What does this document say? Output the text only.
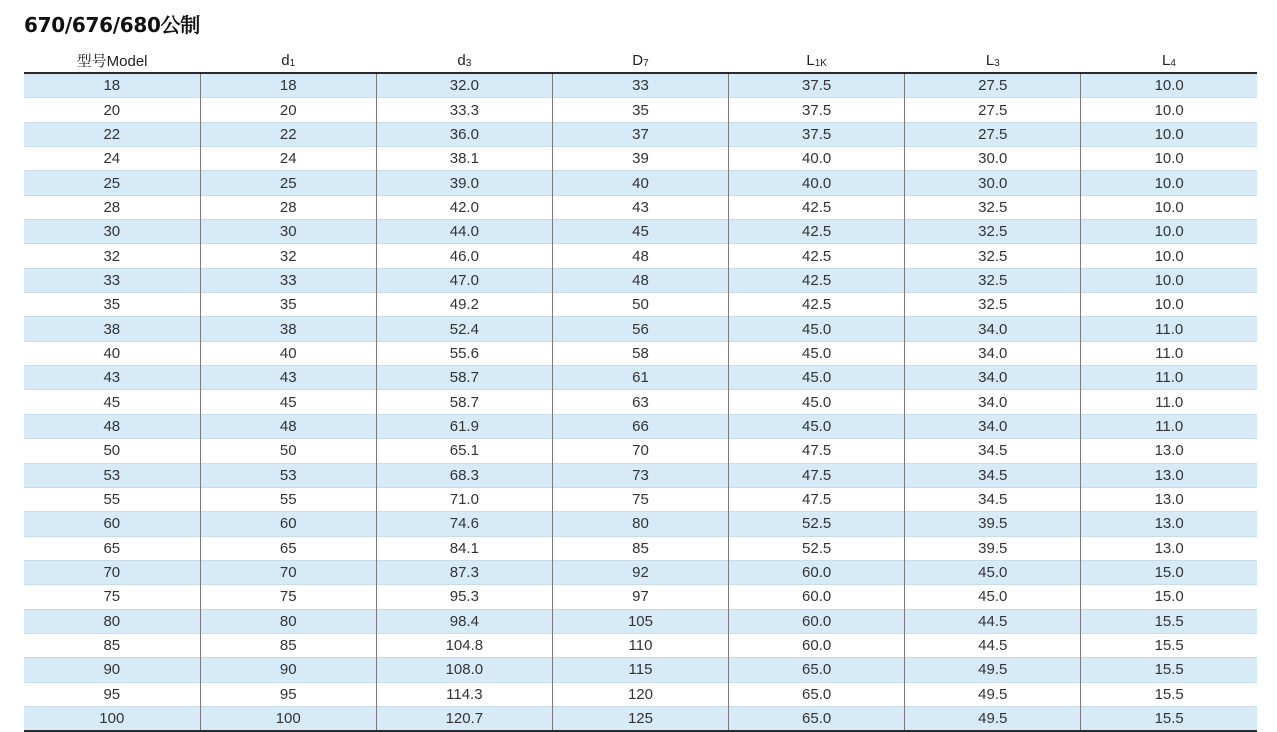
670/676/680公制
型号Model	$d_1$	$d_3$	$D_7$	$L_{1K}$	$L_3$	$L_4$
18	18	32.0	33	37.5	27.5	10.0
20	20	33.3	35	37.5	27.5	10.0
22	22	36.0	37	37.5	27.5	10.0
24	24	38.1	39	40.0	30.0	10.0
25	25	39.0	40	40.0	30.0	10.0
28	28	42.0	43	42.5	32.5	10.0
30	30	44.0	45	42.5	32.5	10.0
32	32	46.0	48	42.5	32.5	10.0
33	33	47.0	48	42.5	32.5	10.0
35	35	49.2	50	42.5	32.5	10.0
38	38	52.4	56	45.0	34.0	11.0
40	40	55.6	58	45.0	34.0	11.0
43	43	58.7	61	45.0	34.0	11.0
45	45	58.7	63	45.0	34.0	11.0
48	48	61.9	66	45.0	34.0	11.0
50	50	65.1	70	47.5	34.5	13.0
53	53	68.3	73	47.5	34.5	13.0
55	55	71.0	75	47.5	34.5	13.0
60	60	74.6	80	52.5	39.5	13.0
65	65	84.1	85	52.5	39.5	13.0
70	70	87.3	92	60.0	45.0	15.0
75	75	95.3	97	60.0	45.0	15.0
80	80	98.4	105	60.0	44.5	15.5
85	85	104.8	110	60.0	44.5	15.5
90	90	108.0	115	65.0	49.5	15.5
95	95	114.3	120	65.0	49.5	15.5
100	100	120.7	125	65.0	49.5	15.5
